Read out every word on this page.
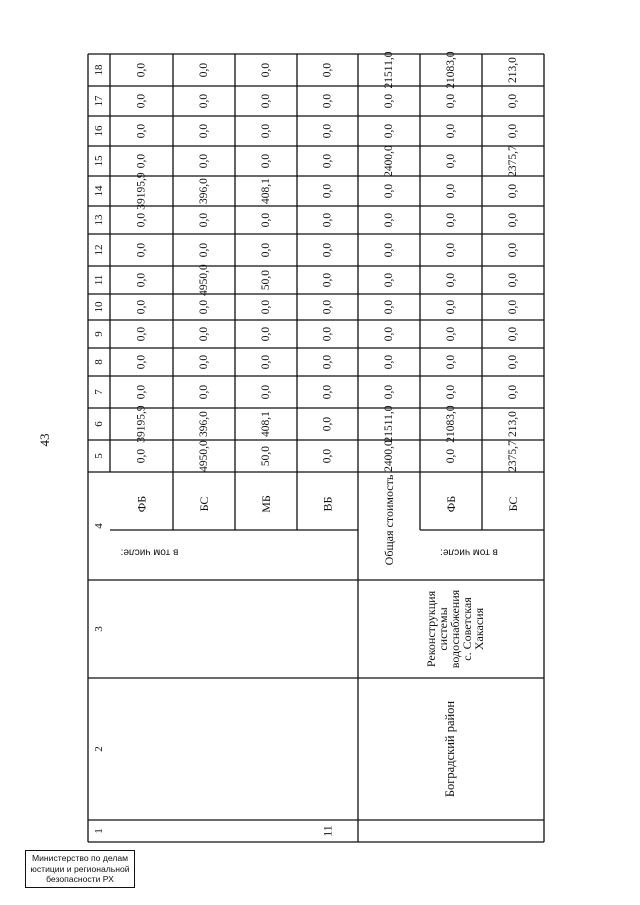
43
1
2
3
4
5
6
7
8
9
10
11
12
13
14
15
16
17
18
ФБ
0,0
39195,9
0,0
0,0
0,0
0,0
0,0
0,0
0,0
39195,9
0,0
0,0
0,0
0,0
БС
4950,0
396,0
0,0
0,0
0,0
0,0
4950,0
0,0
0,0
396,0
0,0
0,0
0,0
0,0
МБ
50,0
408,1
0,0
0,0
0,0
0,0
50,0
0,0
0,0
408,1
0,0
0,0
0,0
0,0
ВБ
0,0
0,0
0,0
0,0
0,0
0,0
0,0
0,0
0,0
0,0
0,0
0,0
0,0
0,0
в том числе:
11
Боградский район
Реконструкция
системы
водоснабжения
с. Советская
Хакасия
Общая стоимость
2400,0
21511,0
0,0
0,0
0,0
0,0
0,0
0,0
0,0
0,0
2400,0
0,0
0,0
21511,0
ФБ
0,0
21083,0
0,0
0,0
0,0
0,0
0,0
0,0
0,0
0,0
0,0
0,0
0,0
21083,0
БС
2375,7
213,0
0,0
0,0
0,0
0,0
0,0
0,0
0,0
0,0
2375,7
0,0
0,0
213,0
в том числе:
Министерство по делам
юстиции и региональной
безопасности РХ
